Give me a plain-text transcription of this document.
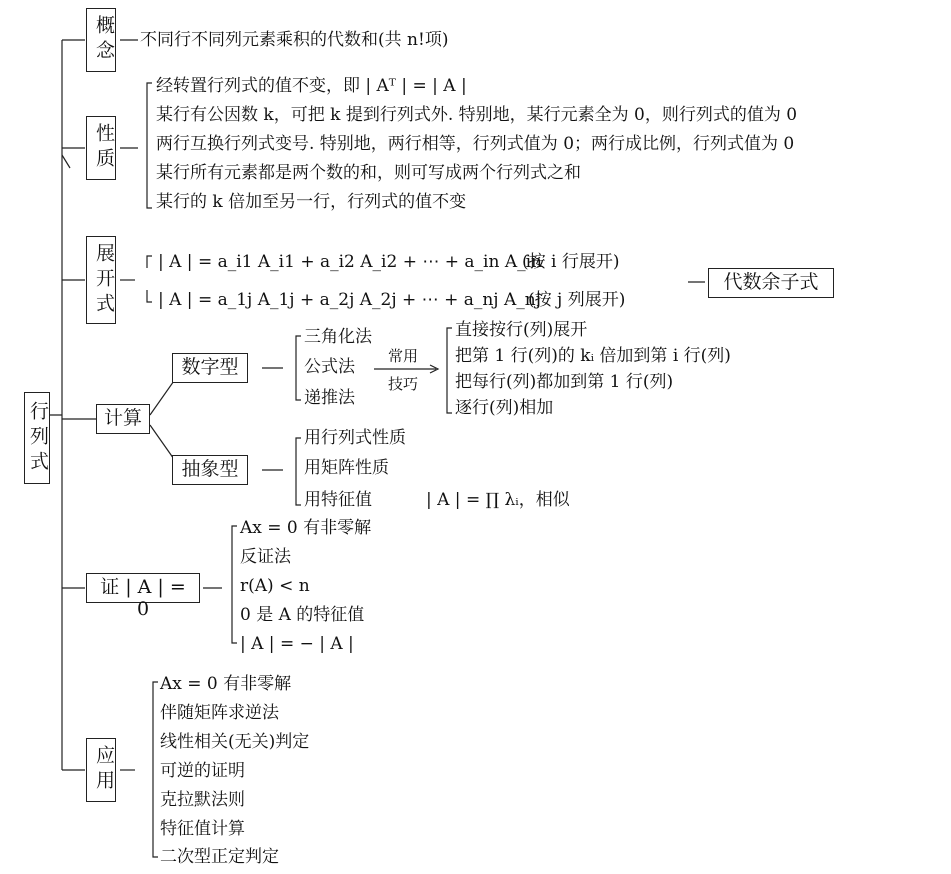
行列式
概念 不同行不同列元素乘积的代数和(共 n!项)
性质
经转置行列式的值不变，即 | Aᵀ | = | A |
某行有公因数 k，可把 k 提到行列式外. 特别地，某行元素全为 0，则行列式的值为 0
两行互换行列式变号. 特别地，两行相等，行列式值为 0；两行成比例，行列式值为 0
某行所有元素都是两个数的和，则可写成两个行列式之和
某行的 k 倍加至另一行，行列式的值不变
展开式	| A | = a_i1 A_i1 + a_i2 A_i2 + ⋯ + a_in A_in
(按 i 行展开)
| A | = a_1j A_1j + a_2j A_2j + ⋯ + a_nj A_nj
(按 j 列展开)
代数余子式
计算
数字型
三角化法
公式法
递推法
常用
技巧
直接按行(列)展开
把第 1 行(列)的 kᵢ 倍加到第 i 行(列)
把每行(列)都加到第 1 行(列)
逐行(列)相加
抽象型
用行列式性质
用矩阵性质
用特征值	| A | = ∏ λᵢ，相似
证 | A | = 0
Ax = 0 有非零解
反证法
r(A) < n
0 是 A 的特征值
| A | = − | A |
应用
Ax = 0 有非零解
伴随矩阵求逆法
线性相关(无关)判定
可逆的证明
克拉默法则
特征值计算
二次型正定判定
